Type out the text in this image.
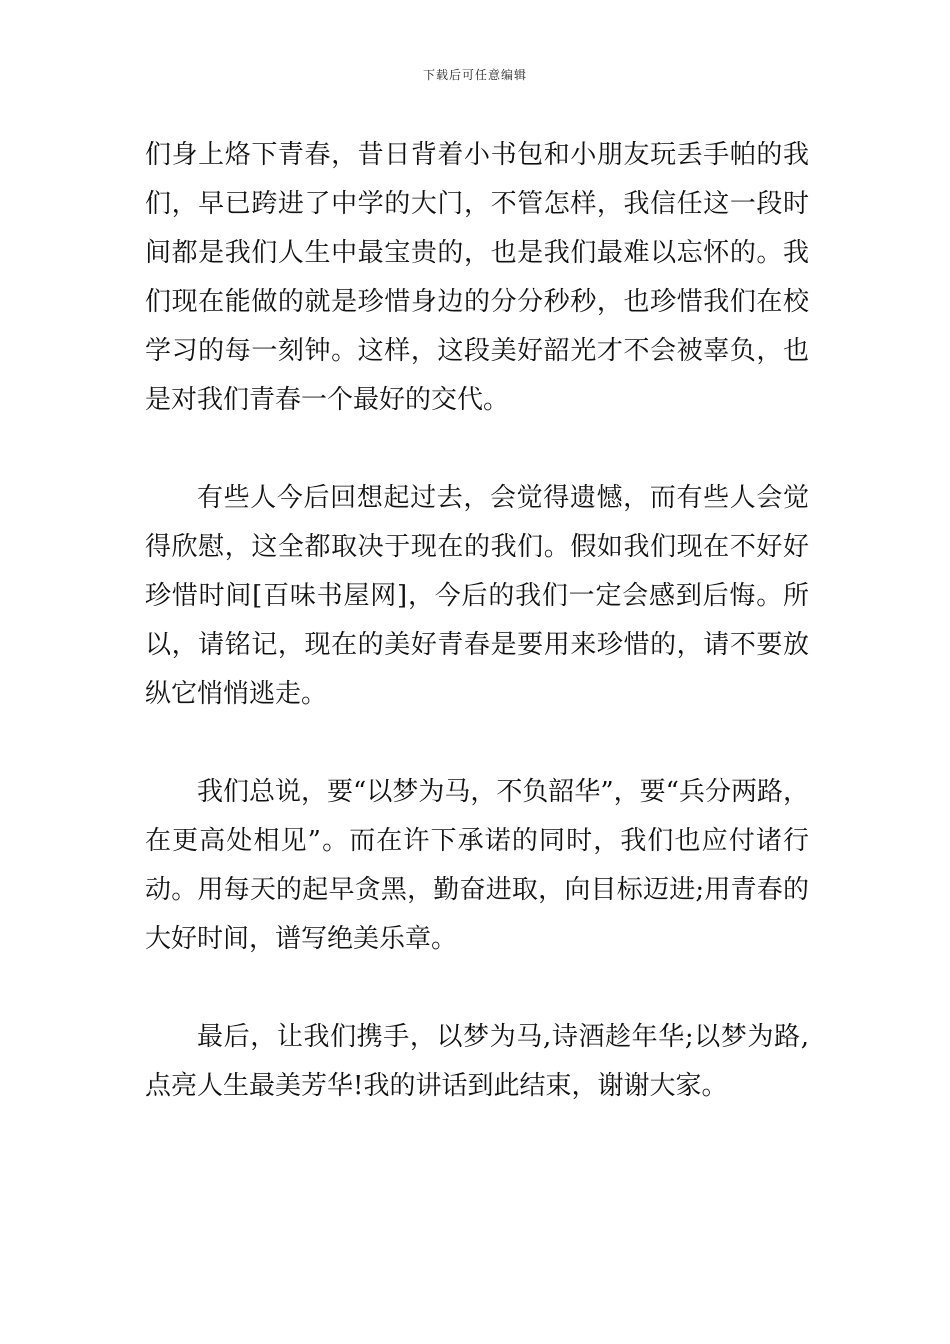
下载后可任意编辑

们身上烙下青春，昔日背着小书包和小朋友玩丢手帕的我们，早已跨进了中学的大门，不管怎样，我信任这一段时间都是我们人生中最宝贵的，也是我们最难以忘怀的。我们现在能做的就是珍惜身边的分分秒秒，也珍惜我们在校学习的每一刻钟。这样，这段美好韶光才不会被辜负，也是对我们青春一个最好的交代。

有些人今后回想起过去，会觉得遗憾，而有些人会觉得欣慰，这全都取决于现在的我们。假如我们现在不好好珍惜时间[百味书屋网]，今后的我们一定会感到后悔。所以，请铭记，现在的美好青春是要用来珍惜的，请不要放纵它悄悄逃走。

我们总说，要“以梦为马，不负韶华”，要“兵分两路，在更高处相见”。而在许下承诺的同时，我们也应付诸行动。用每天的起早贪黑，勤奋进取，向目标迈进;用青春的大好时间，谱写绝美乐章。

最后，让我们携手，以梦为马,诗酒趁年华;以梦为路,点亮人生最美芳华!我的讲话到此结束，谢谢大家。
